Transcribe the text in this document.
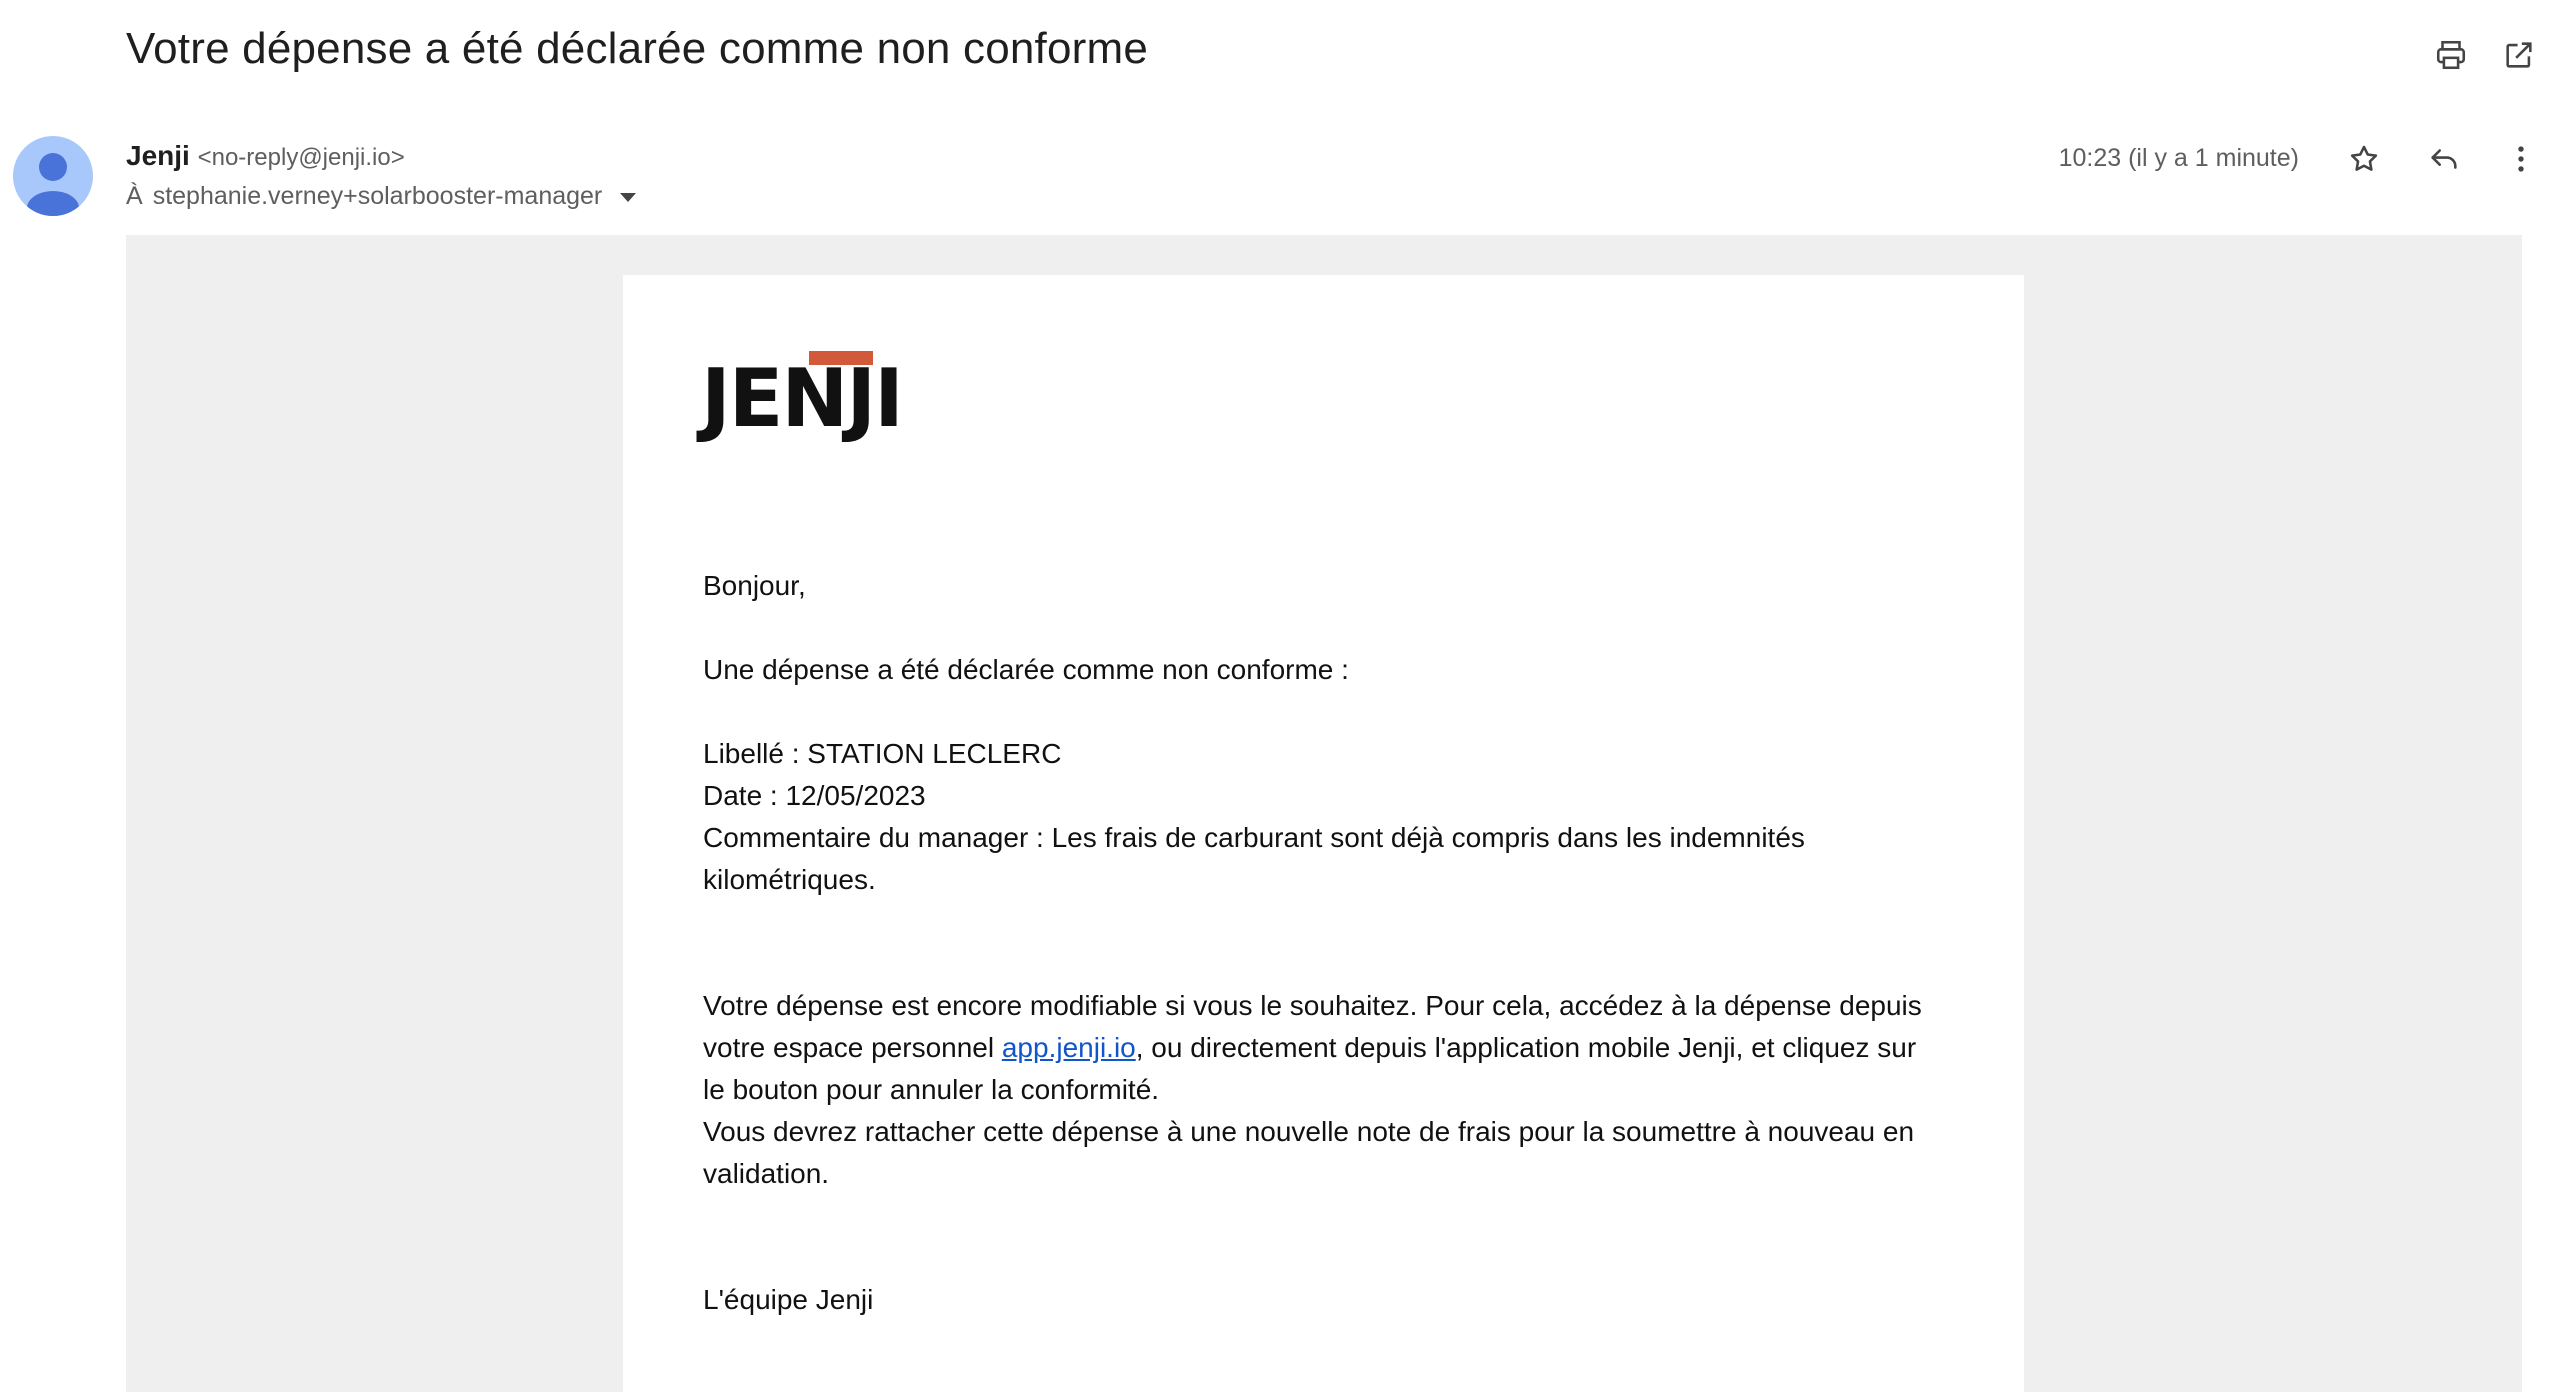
Votre dépense a été déclarée comme non conforme
Jenji <no-reply@jenji.io>
À stephanie.verney+solarbooster-manager
10:23 (il y a 1 minute)
JENJI

Bonjour,

Une dépense a été déclarée comme non conforme :

Libellé : STATION LECLERC

Date : 12/05/2023

Commentaire du manager : Les frais de carburant sont déjà compris dans les indemnités kilométriques.

Votre dépense est encore modifiable si vous le souhaitez. Pour cela, accédez à la dépense depuis votre espace personnel app.jenji.io, ou directement depuis l'application mobile Jenji, et cliquez sur le bouton pour annuler la conformité.

Vous devrez rattacher cette dépense à une nouvelle note de frais pour la soumettre à nouveau en validation.

L'équipe Jenji
